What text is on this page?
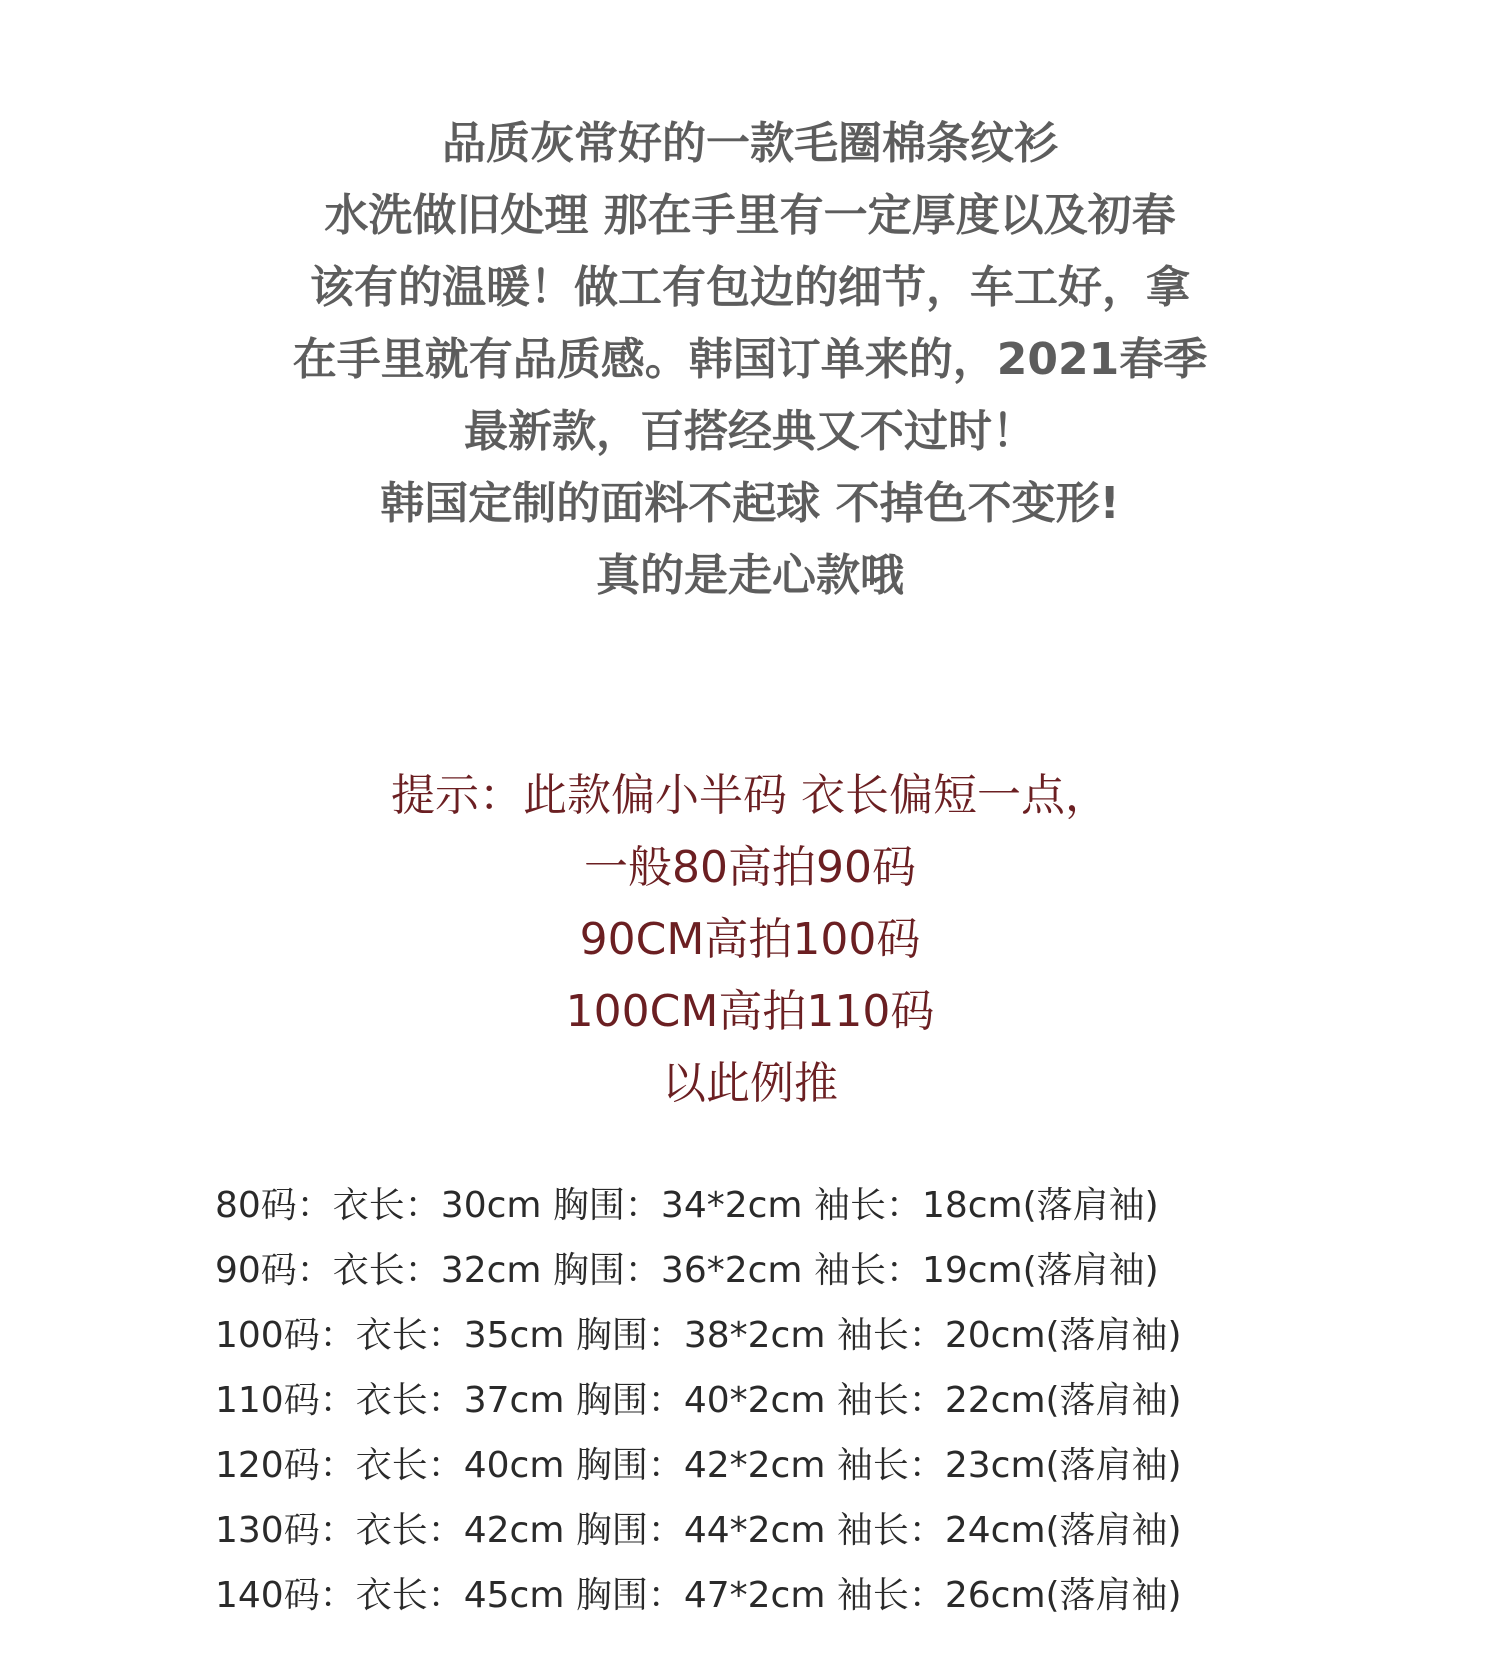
品质灰常好的一款毛圈棉条纹衫
水洗做旧处理 那在手里有一定厚度以及初春
该有的温暖！做工有包边的细节，车工好，拿
在手里就有品质感。韩国订单来的，2021春季
最新款，百搭经典又不过时！
韩国定制的面料不起球 不掉色不变形!
真的是走心款哦
提示：此款偏小半码 衣长偏短一点，
一般80高拍90码
90CM高拍100码
100CM高拍110码
以此例推
80码：衣长：30cm 胸围：34*2cm 袖长：18cm(落肩袖)
90码：衣长：32cm 胸围：36*2cm 袖长：19cm(落肩袖)
100码：衣长：35cm 胸围：38*2cm 袖长：20cm(落肩袖)
110码：衣长：37cm 胸围：40*2cm 袖长：22cm(落肩袖)
120码：衣长：40cm 胸围：42*2cm 袖长：23cm(落肩袖)
130码：衣长：42cm 胸围：44*2cm 袖长：24cm(落肩袖)
140码：衣长：45cm 胸围：47*2cm 袖长：26cm(落肩袖)
